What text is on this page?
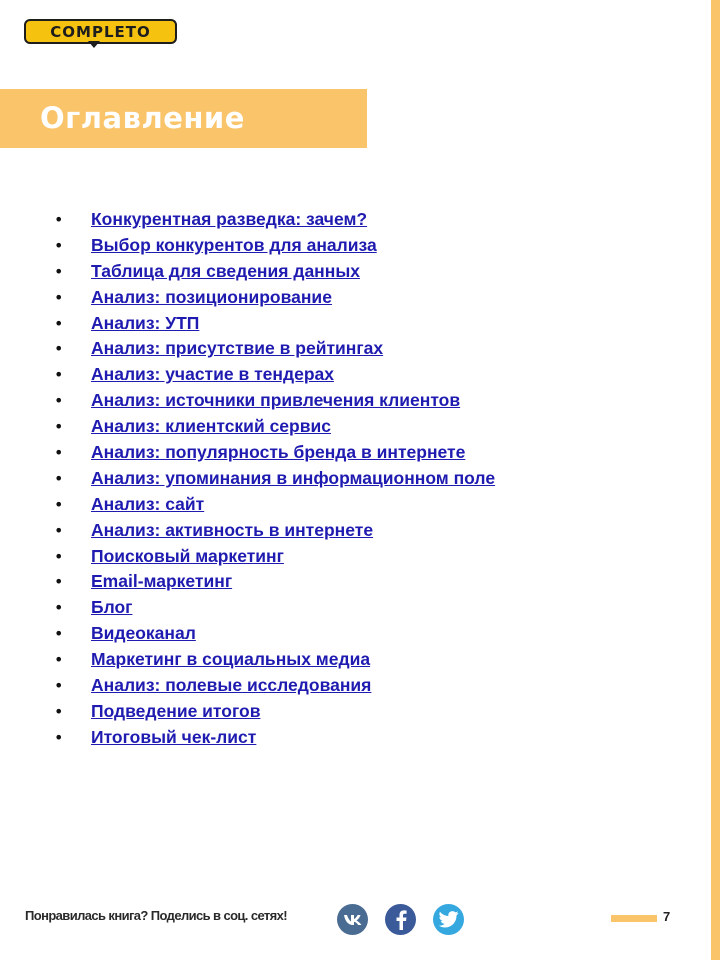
COMPLETO
Оглавление
• Конкурентная разведка: зачем?
• Выбор конкурентов для анализа
• Таблица для сведения данных
• Анализ: позиционирование
• Анализ: УТП
• Анализ: присутствие в рейтингах
• Анализ: участие в тендерах
• Анализ: источники привлечения клиентов
• Анализ: клиентский сервис
• Анализ: популярность бренда в интернете
• Анализ: упоминания в информационном поле
• Анализ: сайт
• Анализ: активность в интернете
• Поисковый маркетинг
• Email-маркетинг
• Блог
• Видеоканал
• Маркетинг в социальных медиа
• Анализ: полевые исследования
• Подведение итогов
• Итоговый чек-лист
Понравилась книга? Поделись в соц. сетях!	7
